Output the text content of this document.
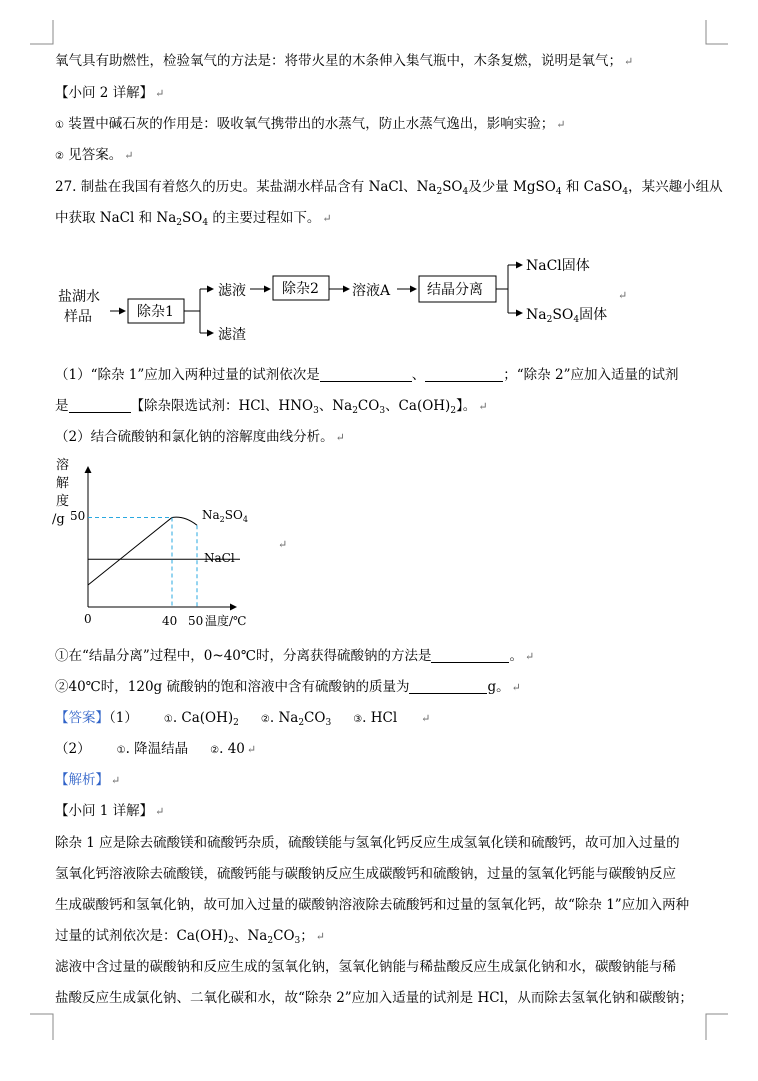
氧气具有助燃性，检验氧气的方法是：将带火星的木条伸入集气瓶中，木条复燃，说明是氧气； ↵
【小问 2 详解】 ↵
① 装置中碱石灰的作用是：吸收氧气携带出的水蒸气，防止水蒸气逸出，影响实验； ↵
② 见答案。 ↵
27. 制盐在我国有着悠久的历史。某盐湖水样品含有 NaCl、$Na_2SO_4$及少量 MgSO$_4$ 和 CaSO$_4$，某兴趣小组从
中获取 NaCl 和 $Na_2SO_4$ 的主要过程如下。 ↵
盐湖水
样品	除杂1
滤液
滤渣
除杂2 溶液A	结晶分离
NaCl固体
$Na_2SO_4$固体
↵
（1）“除杂 1”应加入两种过量的试剂依次是	、	；“除杂 2”应加入适量的试剂
是	【除杂限选试剂：HCl、$HNO_3$、$Na_2CO_3$、$Ca(OH)_2$】。 ↵
（2）结合硫酸钠和氯化钠的溶解度曲线分析。 ↵
溶
解
度
/g
0	40 50
50
温度/℃
$Na_2SO_4$
NaCl
↵
①在“结晶分离”过程中，0~40℃时，分离获得硫酸钠的方法是	。 ↵
②40℃时，120g 硫酸钠的饱和溶液中含有硫酸钠的质量为	g。 ↵
【答案】（1）	①. $Ca(OH)_2$ ②. $Na_2CO_3$ ③. HCl ↵
（2）	①. 降温结晶 ②. 40 ↵
【解析】 ↵
【小问 1 详解】 ↵
除杂 1 应是除去硫酸镁和硫酸钙杂质，硫酸镁能与氢氧化钙反应生成氢氧化镁和硫酸钙，故可加入过量的
氢氧化钙溶液除去硫酸镁，硫酸钙能与碳酸钠反应生成碳酸钙和硫酸钠，过量的氢氧化钙能与碳酸钠反应
生成碳酸钙和氢氧化钠，故可加入过量的碳酸钠溶液除去硫酸钙和过量的氢氧化钙，故“除杂 1”应加入两种
过量的试剂依次是：$Ca(OH)_2$、$Na_2CO_3$； ↵
滤液中含过量的碳酸钠和反应生成的氢氧化钠，氢氧化钠能与稀盐酸反应生成氯化钠和水，碳酸钠能与稀
盐酸反应生成氯化钠、二氧化碳和水，故“除杂 2”应加入适量的试剂是 HCl，从而除去氢氧化钠和碳酸钠；
